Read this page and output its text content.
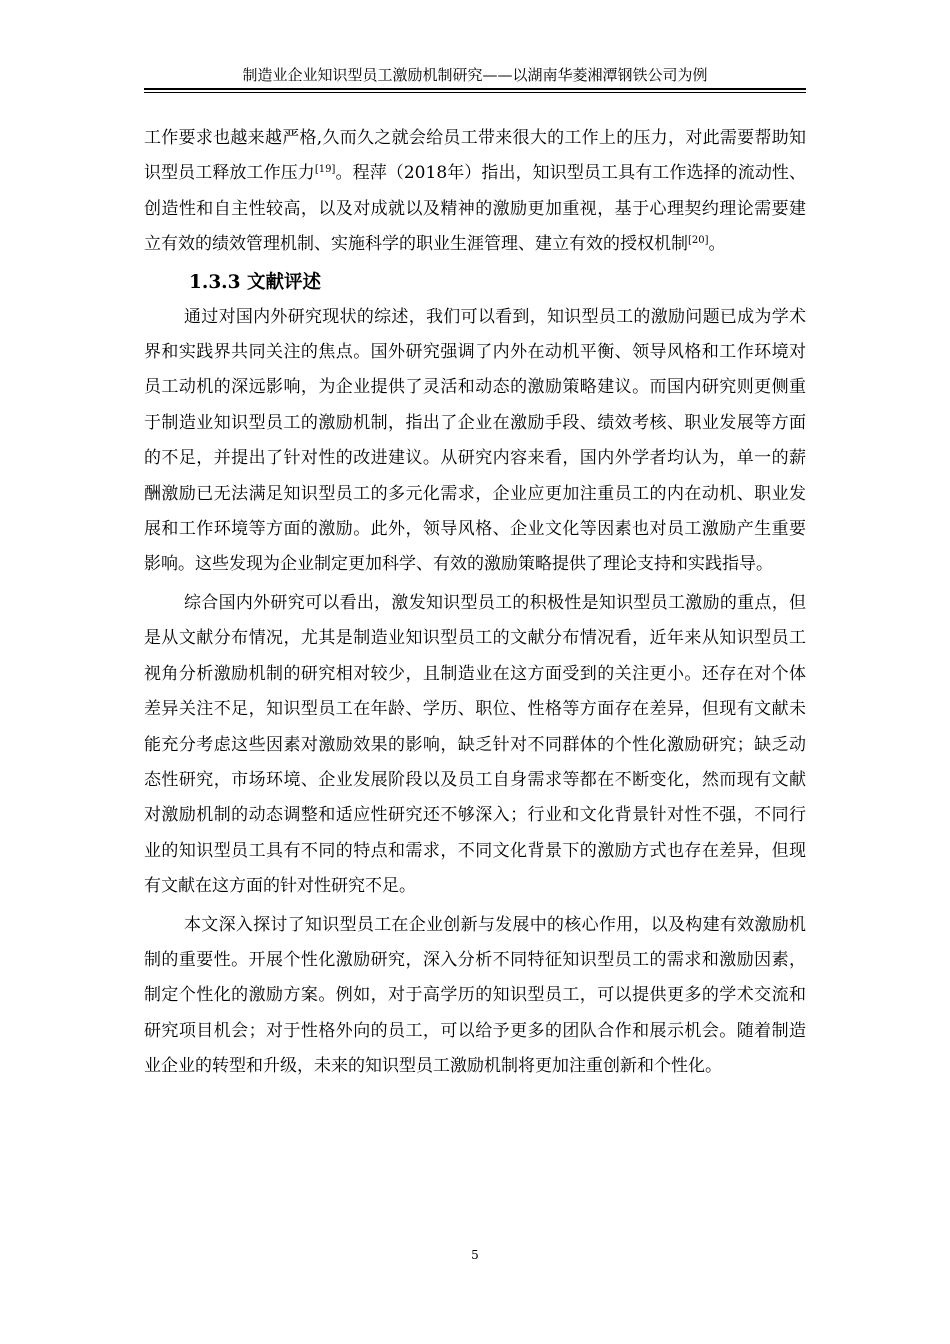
制造业企业知识型员工激励机制研究——以湖南华菱湘潭钢铁公司为例

工作要求也越来越严格,久而久之就会给员工带来很大的工作上的压力，对此需要帮助知识型员工释放工作压力[19]。程萍（2018年）指出，知识型员工具有工作选择的流动性、创造性和自主性较高，以及对成就以及精神的激励更加重视，基于心理契约理论需要建立有效的绩效管理机制、实施科学的职业生涯管理、建立有效的授权机制[20]。

1.3.3 文献评述

通过对国内外研究现状的综述，我们可以看到，知识型员工的激励问题已成为学术界和实践界共同关注的焦点。国外研究强调了内外在动机平衡、领导风格和工作环境对员工动机的深远影响，为企业提供了灵活和动态的激励策略建议。而国内研究则更侧重于制造业知识型员工的激励机制，指出了企业在激励手段、绩效考核、职业发展等方面的不足，并提出了针对性的改进建议。从研究内容来看，国内外学者均认为，单一的薪酬激励已无法满足知识型员工的多元化需求，企业应更加注重员工的内在动机、职业发展和工作环境等方面的激励。此外，领导风格、企业文化等因素也对员工激励产生重要影响。这些发现为企业制定更加科学、有效的激励策略提供了理论支持和实践指导。

综合国内外研究可以看出，激发知识型员工的积极性是知识型员工激励的重点，但是从文献分布情况，尤其是制造业知识型员工的文献分布情况看，近年来从知识型员工视角分析激励机制的研究相对较少，且制造业在这方面受到的关注更小。还存在对个体差异关注不足，知识型员工在年龄、学历、职位、性格等方面存在差异，但现有文献未能充分考虑这些因素对激励效果的影响，缺乏针对不同群体的个性化激励研究；缺乏动态性研究，市场环境、企业发展阶段以及员工自身需求等都在不断变化，然而现有文献对激励机制的动态调整和适应性研究还不够深入；行业和文化背景针对性不强，不同行业的知识型员工具有不同的特点和需求，不同文化背景下的激励方式也存在差异，但现有文献在这方面的针对性研究不足。

本文深入探讨了知识型员工在企业创新与发展中的核心作用，以及构建有效激励机制的重要性。开展个性化激励研究，深入分析不同特征知识型员工的需求和激励因素，制定个性化的激励方案。例如，对于高学历的知识型员工，可以提供更多的学术交流和研究项目机会；对于性格外向的员工，可以给予更多的团队合作和展示机会。随着制造业企业的转型和升级，未来的知识型员工激励机制将更加注重创新和个性化。

5
